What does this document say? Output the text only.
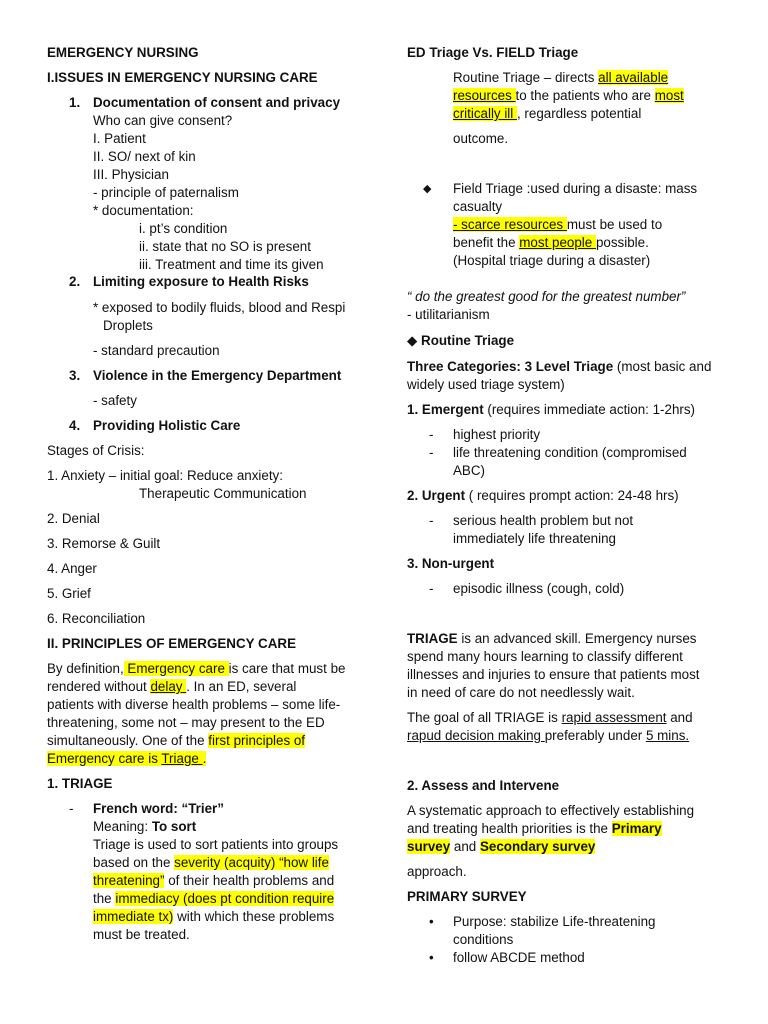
EMERGENCY NURSING
I.ISSUES IN EMERGENCY NURSING CARE
1. Documentation of consent and privacy
Who can give consent?
I. Patient
II. SO/ next of kin
III. Physician
- principle of paternalism
* documentation:
i. pt’s condition
ii. state that no SO is present
iii. Treatment and time its given
2. Limiting exposure to Health Risks
* exposed to bodily fluids, blood and Respi
Droplets
- standard precaution
3. Violence in the Emergency Department
- safety
4. Providing Holistic Care
Stages of Crisis:
1. Anxiety – initial goal: Reduce anxiety:
Therapeutic Communication
2. Denial
3. Remorse & Guilt
4. Anger
5. Grief
6. Reconciliation
II. PRINCIPLES OF EMERGENCY CARE
By definition, Emergency care is care that must be
rendered without delay . In an ED, several
patients with diverse health problems – some life-
threatening, some not – may present to the ED
simultaneously. One of the first principles of
Emergency care is Triage .
1. TRIAGE
- French word: “Trier”
Meaning: To sort
Triage is used to sort patients into groups
based on the severity (acquity) “how life
threatening” of their health problems and
the immediacy (does pt condition require
immediate tx) with which these problems
must be treated.
ED Triage Vs. FIELD Triage
Routine Triage – directs all available
resources to the patients who are most
critically ill , regardless potential
outcome.
◆ Field Triage :used during a disaste: mass
casualty
- scarce resources must be used to
benefit the most people possible.
(Hospital triage during a disaster)
“ do the greatest good for the greatest number”
- utilitarianism
◆ Routine Triage
Three Categories: 3 Level Triage (most basic and
widely used triage system)
1. Emergent (requires immediate action: 1-2hrs)
- highest priority
- life threatening condition (compromised
ABC)
2. Urgent ( requires prompt action: 24-48 hrs)
- serious health problem but not
immediately life threatening
3. Non-urgent
- episodic illness (cough, cold)
TRIAGE is an advanced skill. Emergency nurses
spend many hours learning to classify different
illnesses and injuries to ensure that patients most
in need of care do not needlessly wait.
The goal of all TRIAGE is rapid assessment and
rapud decision making preferably under 5 mins.
2. Assess and Intervene
A systematic approach to effectively establishing
and treating health priorities is the Primary
survey and Secondary survey
approach.
PRIMARY SURVEY
• Purpose: stabilize Life-threatening
conditions
• follow ABCDE method
